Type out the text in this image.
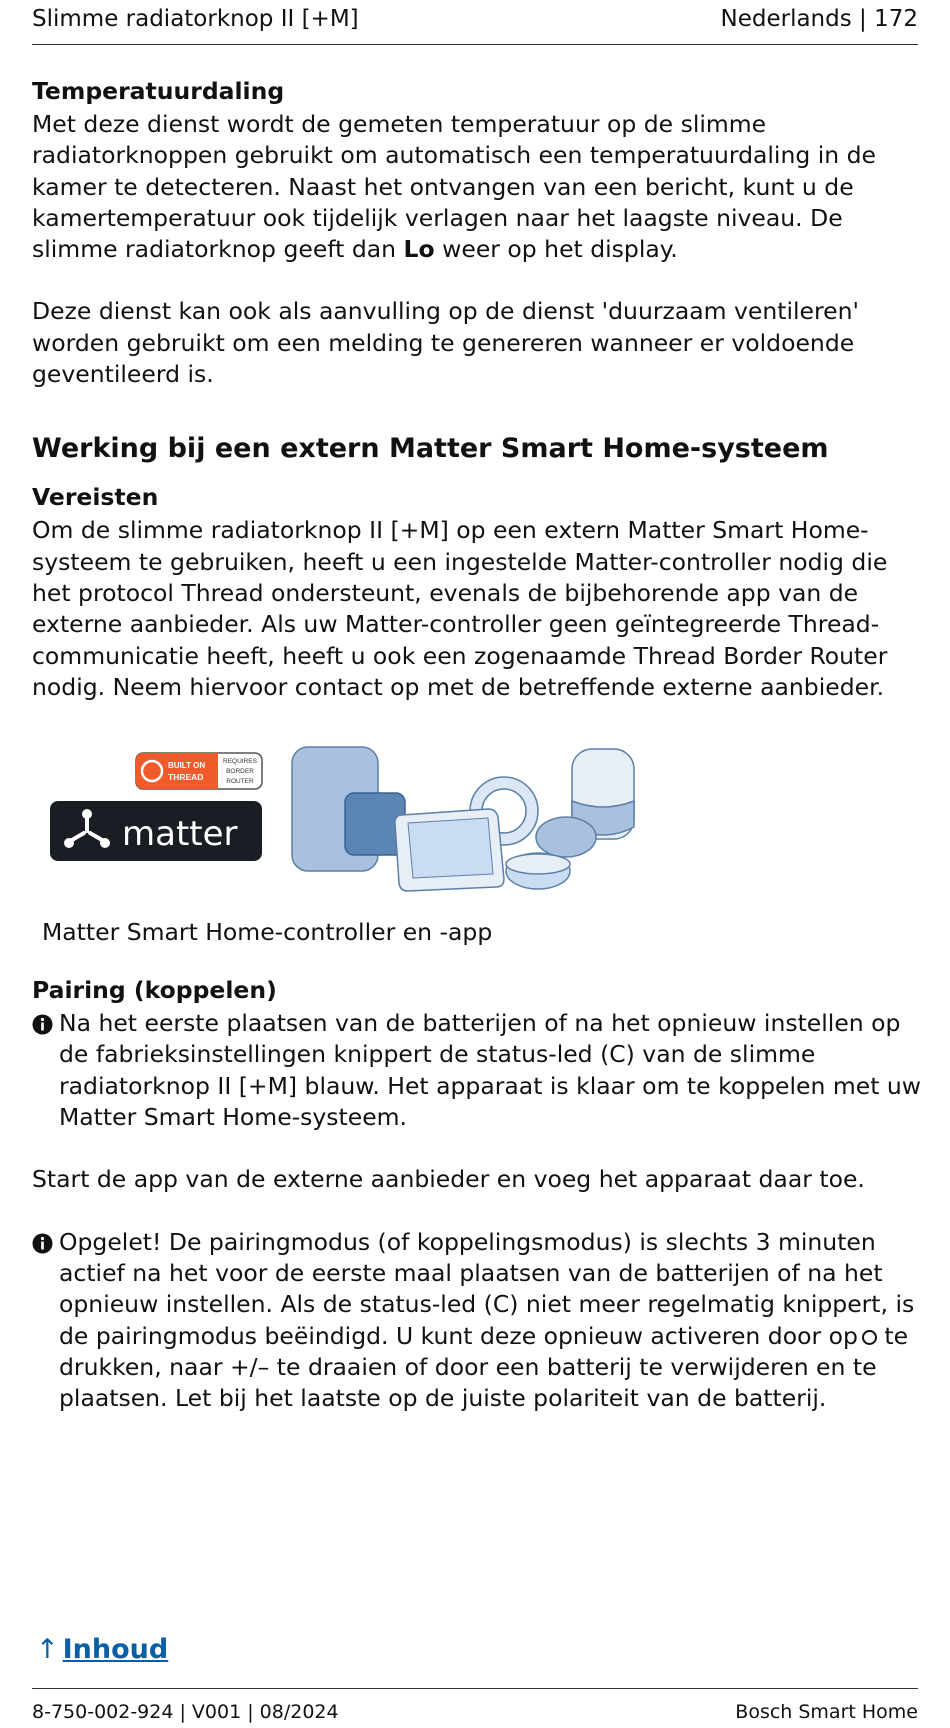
Slimme radiatorknop II [+M]	Nederlands | 172
Temperatuurdaling

Met deze dienst wordt de gemeten temperatuur op de slimme radiatorknoppen gebruikt om automatisch een temperatuurdaling in de kamer te detecteren. Naast het ontvangen van een bericht, kunt u de kamertemperatuur ook tijdelijk verlagen naar het laagste niveau. De slimme radiatorknop geeft dan Lo weer op het display.

Deze dienst kan ook als aanvulling op de dienst 'duurzaam ventileren' worden gebruikt om een melding te genereren wanneer er voldoende geventileerd is.

Werking bij een extern Matter Smart Home-systeem
Vereisten

Om de slimme radiatorknop II [+M] op een extern Matter Smart Home-systeem te gebruiken, heeft u een ingestelde Matter-controller nodig die het protocol Thread ondersteunt, evenals de bijbehorende app van de externe aanbieder. Als uw Matter-controller geen geïntegreerde Thread-communicatie heeft, heeft u ook een zogenaamde Thread Border Router nodig. Neem hiervoor contact op met de betreffende externe aanbieder.

BUILT ON
THREAD
REQUIRES
BORDER
ROUTER
matter
Matter Smart Home-controller en -app
Pairing (koppelen)
Na het eerste plaatsen van de batterijen of na het opnieuw instellen op de fabrieksinstellingen knippert de status-led (C) van de slimme radiatorknop II [+M] blauw. Het apparaat is klaar om te koppelen met uw Matter Smart Home-systeem.

Start de app van de externe aanbieder en voeg het apparaat daar toe.

Opgelet! De pairingmodus (of koppelingsmodus) is slechts 3 minuten actief na het voor de eerste maal plaatsen van de batterijen of na het opnieuw instellen. Als de status-led (C) niet meer regelmatig knippert, is de pairingmodus beëindigd. U kunt deze opnieuw activeren door op te drukken, naar +/– te draaien of door een batterij te verwijderen en te plaatsen. Let bij het laatste op de juiste polariteit van de batterij.
↑ Inhoud
8-750-002-924 | V001 | 08/2024	Bosch Smart Home
